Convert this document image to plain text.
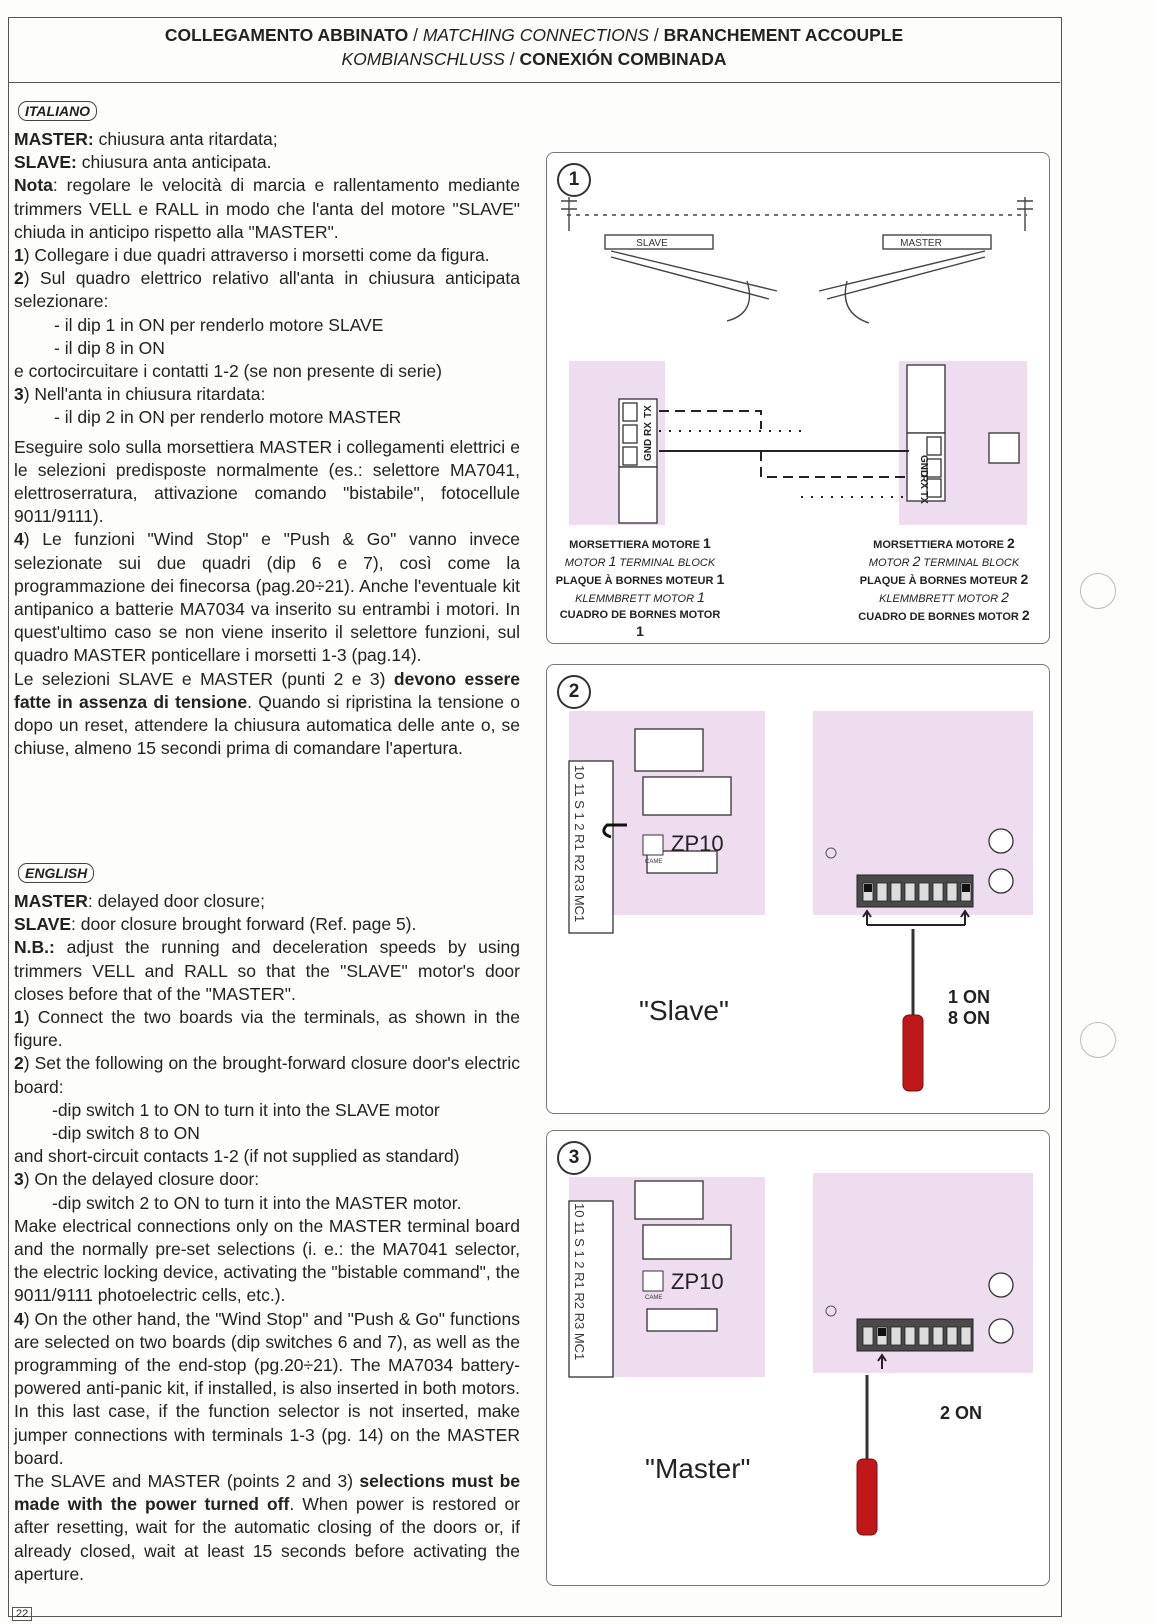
COLLEGAMENTO ABBINATO / MATCHING CONNECTIONS / BRANCHEMENT ACCOUPLE
KOMBIANSCHLUSS / CONEXIÓN COMBINADA
ITALIANO

MASTER: chiusura anta ritardata;

SLAVE: chiusura anta anticipata.

Nota: regolare le velocità di marcia e rallentamento mediante trimmers VELL e RALL in modo che l'anta del motore "SLAVE" chiuda in anticipo rispetto alla "MASTER".

1) Collegare i due quadri attraverso i morsetti come da figura.

2) Sul quadro elettrico relativo all'anta in chiusura anticipata selezionare:

- il dip 1 in ON per renderlo motore SLAVE

- il dip 8 in ON

e cortocircuitare i contatti 1-2 (se non presente di serie)

3) Nell'anta in chiusura ritardata:

- il dip 2 in ON per renderlo motore MASTER

Eseguire solo sulla morsettiera MASTER i collegamenti elettrici e le selezioni predisposte normalmente (es.: selettore MA7041, elettroserratura, attivazione comando "bistabile", fotocellule 9011/9111).

4) Le funzioni "Wind Stop" e "Push & Go" vanno invece selezionate sui due quadri (dip 6 e 7), così come la programmazione dei finecorsa (pag.20÷21). Anche l'eventuale kit antipanico a batterie MA7034 va inserito su entrambi i motori. In quest'ultimo caso se non viene inserito il selettore funzioni, sul quadro MASTER ponticellare i morsetti 1-3 (pag.14).

Le selezioni SLAVE e MASTER (punti 2 e 3) devono essere fatte in assenza di tensione. Quando si ripristina la tensione o dopo un reset, attendere la chiusura automatica delle ante o, se chiuse, almeno 15 secondi prima di comandare l'apertura.

ENGLISH

MASTER: delayed door closure;

SLAVE: door closure brought forward (Ref. page 5).

N.B.: adjust the running and deceleration speeds by using trimmers VELL and RALL so that the "SLAVE" motor's door closes before that of the "MASTER".

1) Connect the two boards via the terminals, as shown in the figure.

2) Set the following on the brought-forward closure door's electric board:

-dip switch 1 to ON to turn it into the SLAVE motor

-dip switch 8 to ON

and short-circuit contacts 1-2 (if not supplied as standard)

3) On the delayed closure door:

-dip switch 2 to ON to turn it into the MASTER motor.

Make electrical connections only on the MASTER terminal board and the normally pre-set selections (i. e.: the MA7041 selector, the electric locking device, activating the "bistable command", the 9011/9111 photoelectric cells, etc.).

4) On the other hand, the "Wind Stop" and "Push & Go" functions are selected on two boards (dip switches 6 and 7), as well as the programming of the end-stop (pg.20÷21). The MA7034 battery-powered anti-panic kit, if installed, is also inserted in both motors. In this last case, if the function selector is not inserted, make jumper connections with terminals 1-3 (pg. 14) on the MASTER board.

The SLAVE and MASTER (points 2 and 3) selections must be made with the power turned off. When power is restored or after resetting, wait for the automatic closing of the doors or, if already closed, wait at least 15 seconds before activating the aperture.

1
SLAVE	MASTER
GND
RX
TX
GND
RX
TX
MORSETTIERA MOTORE 1
MOTOR 1 TERMINAL BLOCK
PLAQUE À BORNES MOTEUR 1
KLEMMBRETT MOTOR 1
CUADRO DE BORNES MOTOR 1
MORSETTIERA MOTORE 2
MOTOR 2 TERMINAL BLOCK
PLAQUE À BORNES MOTEUR 2
KLEMMBRETT MOTOR 2
CUADRO DE BORNES MOTOR 2
2
10 11 S 1 2 R1 R2 R3 MC1	CAME
ZP10
"Slave"	1 ON
8 ON
3
10 11 S 1 2 R1 R2 R3 MC1	CAME
ZP10
"Master"
2 ON
22
